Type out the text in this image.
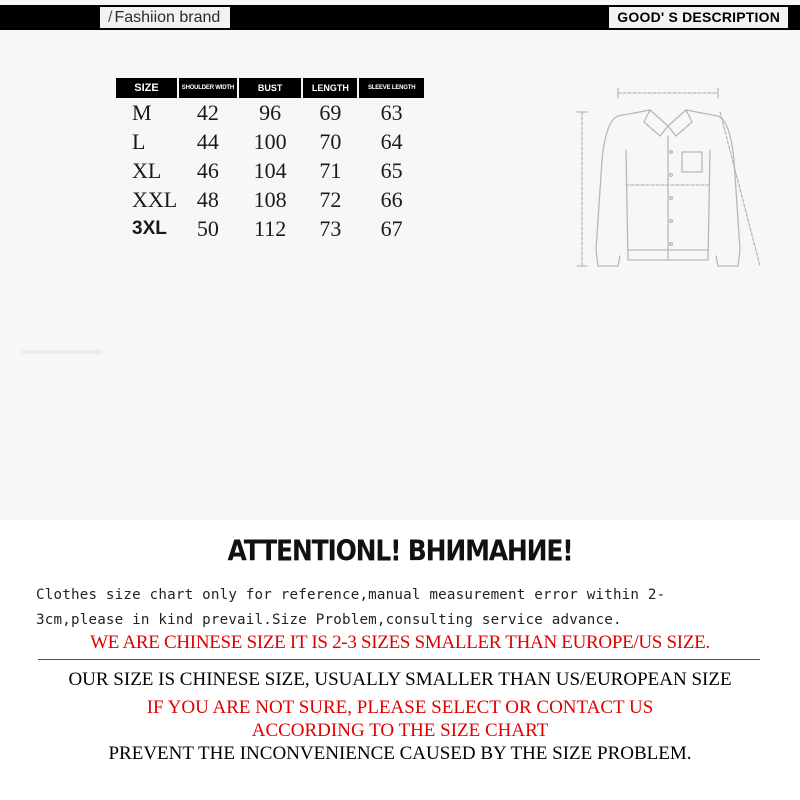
/ Fashiion brand	GOOD' S DESCRIPTION
SIZE	SHOULDER WIDTH	BUST	LENGTH	SLEEVE LENGTH
M	42	96	69	63
L	44	100	70	64
XL	46	104	71	65
XXL	48	108	72	66
3XL	50	112	73	67
ATTENTIONL! ВНИМАНИЕ!
Clothes size chart only for reference,manual measurement error within 2-
3cm,please in kind prevail.Size Problem,consulting service advance.
WE ARE CHINESE SIZE IT IS 2-3 SIZES SMALLER THAN EUROPE/US SIZE.
OUR SIZE IS CHINESE SIZE, USUALLY SMALLER THAN US/EUROPEAN SIZE
IF YOU ARE NOT SURE, PLEASE SELECT OR CONTACT US
ACCORDING TO THE SIZE CHART
PREVENT THE INCONVENIENCE CAUSED BY THE SIZE PROBLEM.
